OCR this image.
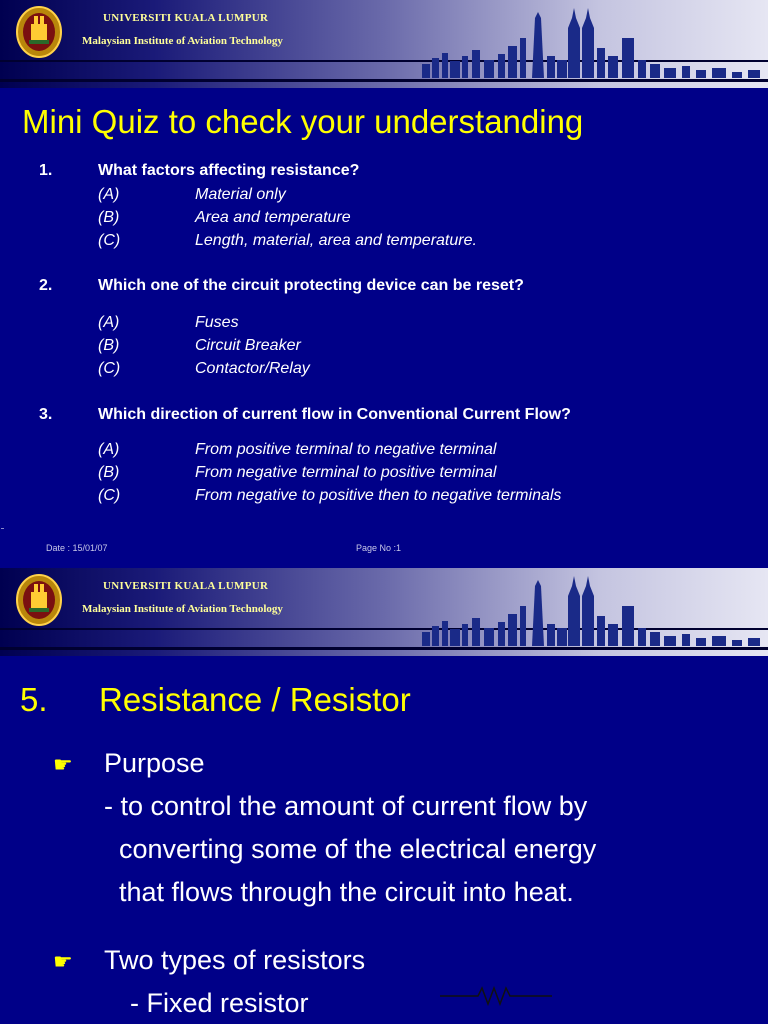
UNIVERSITI KUALA LUMPUR
Malaysian Institute of Aviation Technology
Mini Quiz to check your understanding
1.	What factors affecting resistance?
(A)	Material only
(B)	Area and temperature
(C)	Length, material, area and temperature.
2.	Which one of the circuit protecting device can be reset?
(A)	Fuses
(B)	Circuit Breaker
(C)	Contactor/Relay
3.	Which direction of current flow in Conventional Current Flow?
(A)	From positive terminal to negative terminal
(B)	From negative terminal to positive terminal
(C)	From negative to positive then to negative terminals
Date : 15/01/07	Page No :1
UNIVERSITI KUALA LUMPUR
Malaysian Institute of Aviation Technology
5. Resistance / Resistor
☛ Purpose
- to control the amount of current flow by
converting some of the electrical energy
that flows through the circuit into heat.
☛ Two types of resistors
- Fixed resistor
